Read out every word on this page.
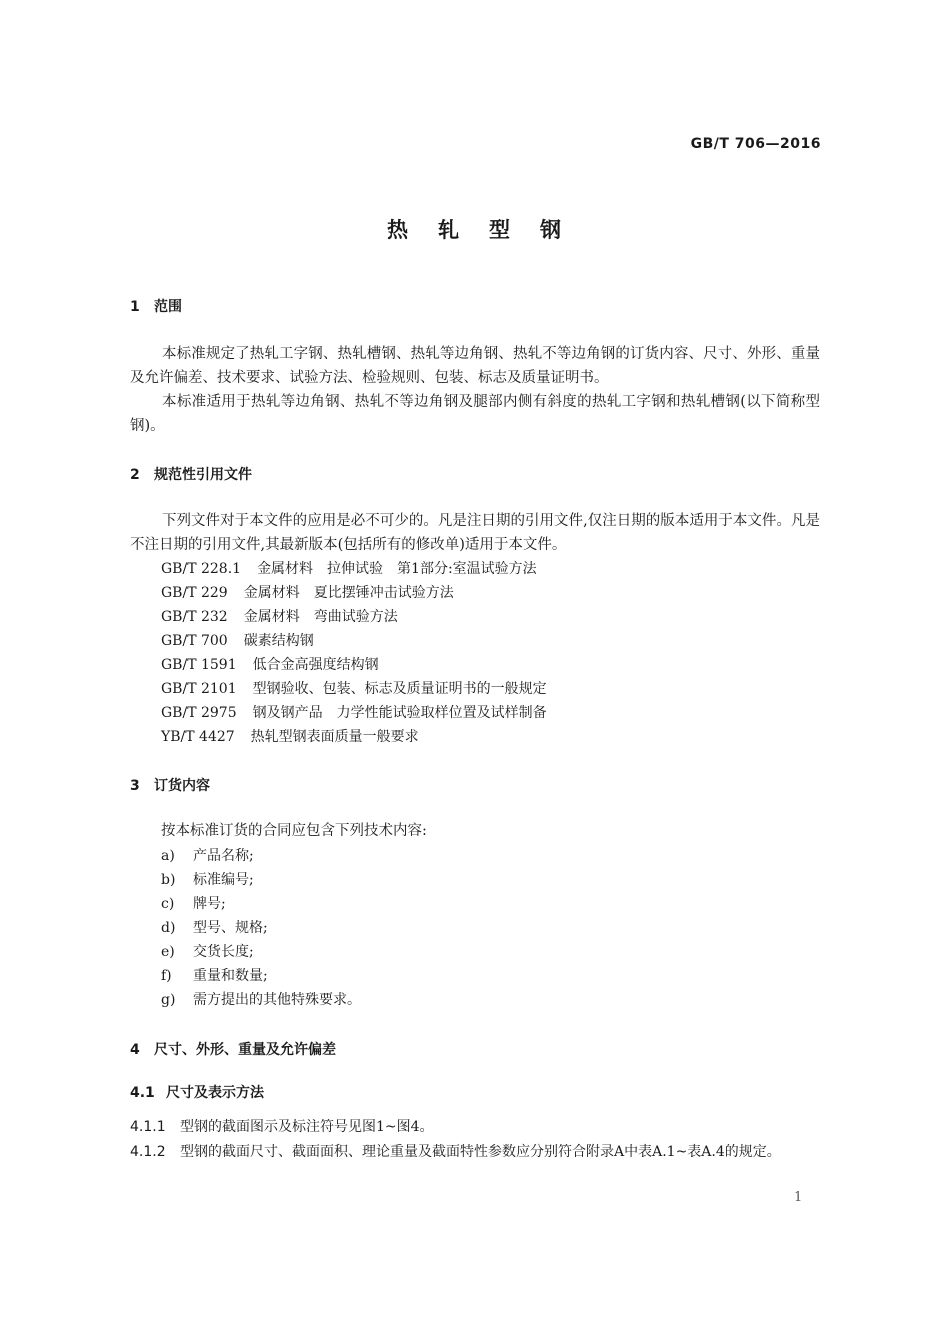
GB/T 706—2016
热 轧 型 钢
1 范围
本标准规定了热轧工字钢、热轧槽钢、热轧等边角钢、热轧不等边角钢的订货内容、尺寸、外形、重量及允许偏差、技术要求、试验方法、检验规则、包装、标志及质量证明书。
本标准适用于热轧等边角钢、热轧不等边角钢及腿部内侧有斜度的热轧工字钢和热轧槽钢(以下简称型钢)。
2 规范性引用文件
下列文件对于本文件的应用是必不可少的。凡是注日期的引用文件,仅注日期的版本适用于本文件。凡是不注日期的引用文件,其最新版本(包括所有的修改单)适用于本文件。
GB/T 228.1 金属材料　拉伸试验　第1部分:室温试验方法
GB/T 229 金属材料　夏比摆锤冲击试验方法
GB/T 232 金属材料　弯曲试验方法
GB/T 700 碳素结构钢
GB/T 1591 低合金高强度结构钢
GB/T 2101 型钢验收、包装、标志及质量证明书的一般规定
GB/T 2975 钢及钢产品　力学性能试验取样位置及试样制备
YB/T 4427 热轧型钢表面质量一般要求
3 订货内容
按本标准订货的合同应包含下列技术内容:
a) 产品名称;
b) 标准编号;
c) 牌号;
d) 型号、规格;
e) 交货长度;
f) 重量和数量;
g) 需方提出的其他特殊要求。
4 尺寸、外形、重量及允许偏差
4.1 尺寸及表示方法
4.1.1 型钢的截面图示及标注符号见图1~图4。
4.1.2 型钢的截面尺寸、截面面积、理论重量及截面特性参数应分别符合附录A中表A.1~表A.4的规定。
1
